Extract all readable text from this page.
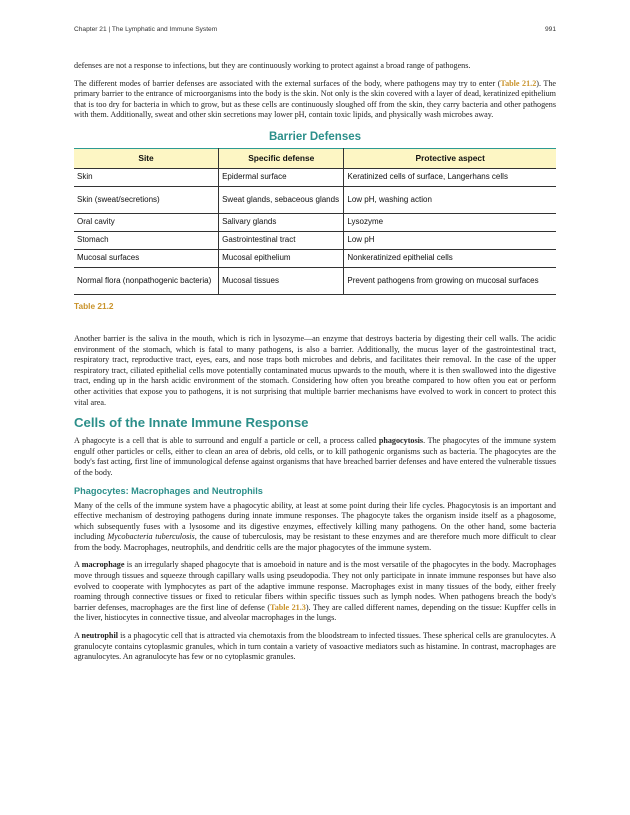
Chapter 21 | The Lymphatic and Immune System	991

defenses are not a response to infections, but they are continuously working to protect against a broad range of pathogens.

The different modes of barrier defenses are associated with the external surfaces of the body, where pathogens may try to enter (Table 21.2). The primary barrier to the entrance of microorganisms into the body is the skin. Not only is the skin covered with a layer of dead, keratinized epithelium that is too dry for bacteria in which to grow, but as these cells are continuously sloughed off from the skin, they carry bacteria and other pathogens with them. Additionally, sweat and other skin secretions may lower pH, contain toxic lipids, and physically wash microbes away.

Barrier Defenses
Site	Specific defense	Protective aspect
Skin	Epidermal surface	Keratinized cells of surface, Langerhans cells
Skin (sweat/secretions)	Sweat glands, sebaceous glands	Low pH, washing action
Oral cavity	Salivary glands	Lysozyme
Stomach	Gastrointestinal tract	Low pH
Mucosal surfaces	Mucosal epithelium	Nonkeratinized epithelial cells
Normal flora (nonpathogenic bacteria)	Mucosal tissues	Prevent pathogens from growing on mucosal surfaces
Table 21.2

Another barrier is the saliva in the mouth, which is rich in lysozyme—an enzyme that destroys bacteria by digesting their cell walls. The acidic environment of the stomach, which is fatal to many pathogens, is also a barrier. Additionally, the mucus layer of the gastrointestinal tract, respiratory tract, reproductive tract, eyes, ears, and nose traps both microbes and debris, and facilitates their removal. In the case of the upper respiratory tract, ciliated epithelial cells move potentially contaminated mucus upwards to the mouth, where it is then swallowed into the digestive tract, ending up in the harsh acidic environment of the stomach. Considering how often you breathe compared to how often you eat or perform other activities that expose you to pathogens, it is not surprising that multiple barrier mechanisms have evolved to work in concert to protect this vital area.

Cells of the Innate Immune Response

A phagocyte is a cell that is able to surround and engulf a particle or cell, a process called phagocytosis. The phagocytes of the immune system engulf other particles or cells, either to clean an area of debris, old cells, or to kill pathogenic organisms such as bacteria. The phagocytes are the body's fast acting, first line of immunological defense against organisms that have breached barrier defenses and have entered the vulnerable tissues of the body.

Phagocytes: Macrophages and Neutrophils

Many of the cells of the immune system have a phagocytic ability, at least at some point during their life cycles. Phagocytosis is an important and effective mechanism of destroying pathogens during innate immune responses. The phagocyte takes the organism inside itself as a phagosome, which subsequently fuses with a lysosome and its digestive enzymes, effectively killing many pathogens. On the other hand, some bacteria including Mycobacteria tuberculosis, the cause of tuberculosis, may be resistant to these enzymes and are therefore much more difficult to clear from the body. Macrophages, neutrophils, and dendritic cells are the major phagocytes of the immune system.

A macrophage is an irregularly shaped phagocyte that is amoeboid in nature and is the most versatile of the phagocytes in the body. Macrophages move through tissues and squeeze through capillary walls using pseudopodia. They not only participate in innate immune responses but have also evolved to cooperate with lymphocytes as part of the adaptive immune response. Macrophages exist in many tissues of the body, either freely roaming through connective tissues or fixed to reticular fibers within specific tissues such as lymph nodes. When pathogens breach the body's barrier defenses, macrophages are the first line of defense (Table 21.3). They are called different names, depending on the tissue: Kupffer cells in the liver, histiocytes in connective tissue, and alveolar macrophages in the lungs.

A neutrophil is a phagocytic cell that is attracted via chemotaxis from the bloodstream to infected tissues. These spherical cells are granulocytes. A granulocyte contains cytoplasmic granules, which in turn contain a variety of vasoactive mediators such as histamine. In contrast, macrophages are agranulocytes. An agranulocyte has few or no cytoplasmic granules.
